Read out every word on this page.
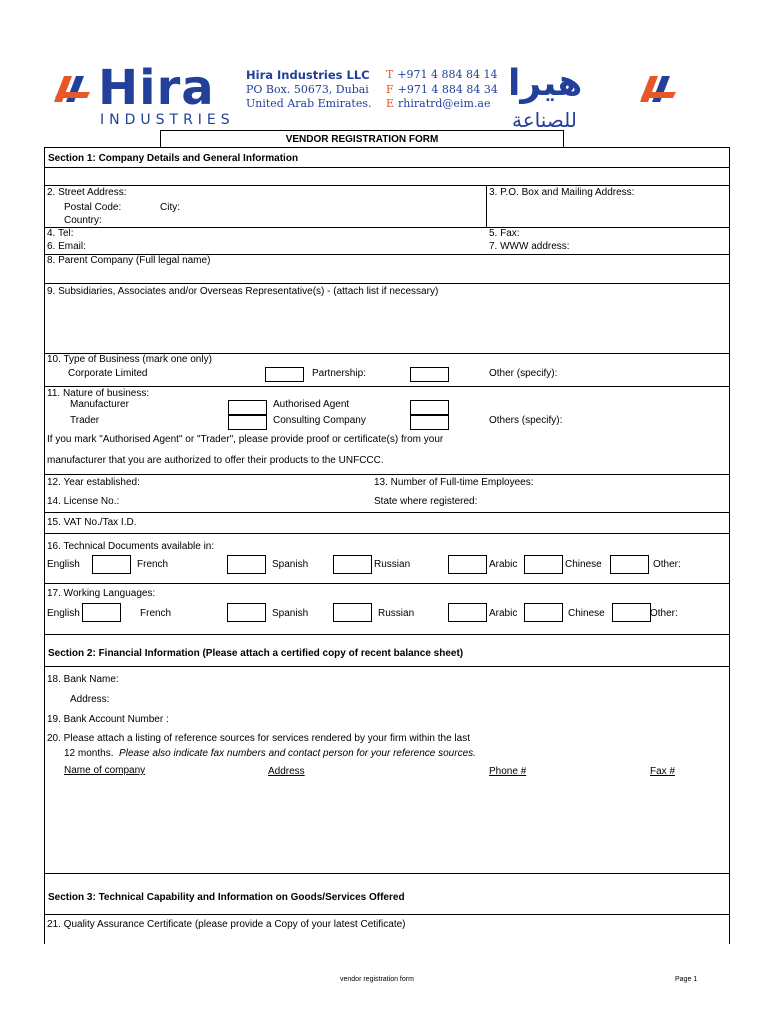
Hira
INDUSTRIES
Hira Industries LLC
PO Box. 50673, Dubai
United Arab Emirates.
T +971 4 884 84 14
F +971 4 884 84 34
E rhiratrd@eim.ae هيرا
للصناعة
VENDOR REGISTRATION FORM
Section 1: Company Details and General Information
2. Street Address:
Postal Code:	City:
Country:
3. P.O. Box and Mailing Address:
4. Tel:	5. Fax:
6. Email:	7. WWW address:
8. Parent Company (Full legal name)
9. Subsidiaries, Associates and/or Overseas Representative(s) - (attach list if necessary)
10. Type of Business (mark one only)
Corporate Limited	Partnership:	Other (specify):
11. Nature of business:
Manufacturer	Authorised Agent
Trader	Consulting Company	Others (specify):
If you mark "Authorised Agent" or "Trader", please provide proof or certificate(s) from your
manufacturer that you are authorized to offer their products to the UNFCCC.
12. Year established:	13. Number of Full-time Employees:
14. License No.:	State where registered:
15. VAT No./Tax I.D.
16. Technical Documents available in:
English	French	Spanish	Russian	Arabic	Chinese	Other:
17. Working Languages:
English	French	Spanish	Russian	Arabic	Chinese	Other:
Section 2: Financial Information (Please attach a certified copy of recent balance sheet)
18. Bank Name:
Address:
19. Bank Account Number :
20. Please attach a listing of reference sources for services rendered by your firm within the last
12 months. Please also indicate fax numbers and contact person for your reference sources.
Name of company	Address	Phone #	Fax #
Section 3: Technical Capability and Information on Goods/Services Offered
21. Quality Assurance Certificate (please provide a Copy of your latest Cetificate)
vendor registration form	Page 1
